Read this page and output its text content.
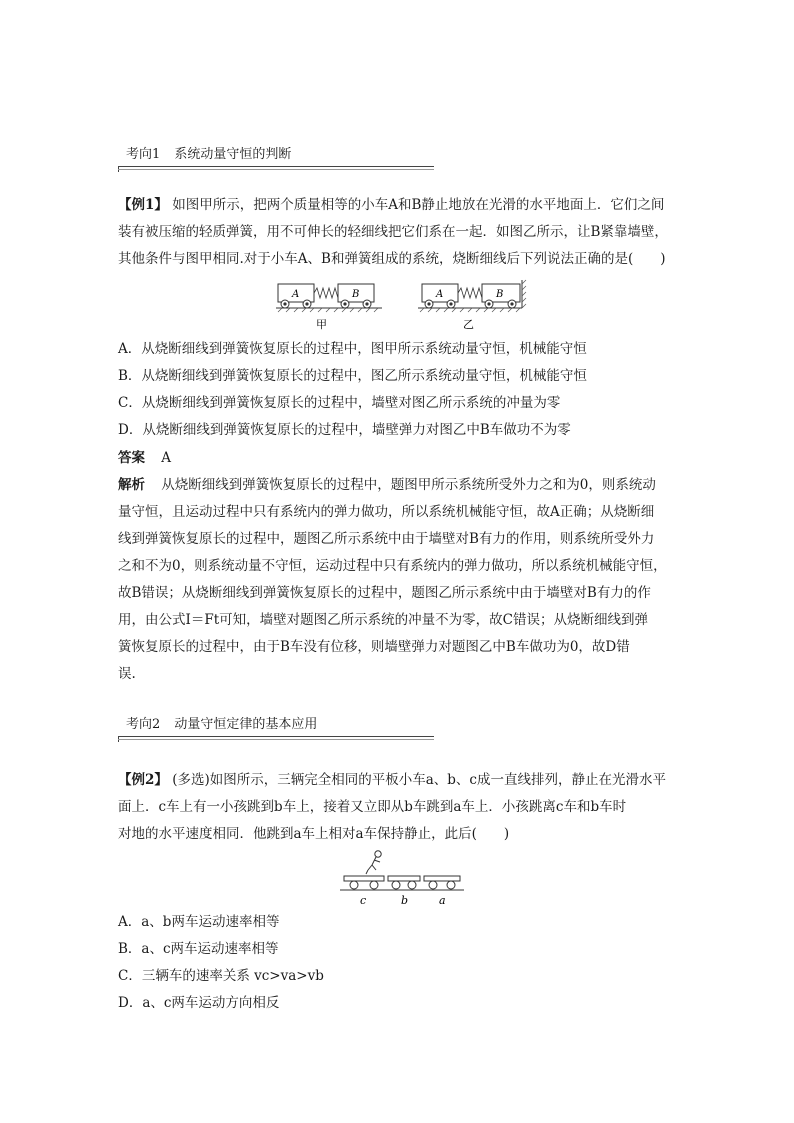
考向1 系统动量守恒的判断
【例1】 如图甲所示，把两个质量相等的小车A和B静止地放在光滑的水平地面上．它们之间
装有被压缩的轻质弹簧，用不可伸长的轻细线把它们系在一起．如图乙所示，让B紧靠墙壁，
其他条件与图甲相同.对于小车A、B和弹簧组成的系统，烧断细线后下列说法正确的是(　　)
A	B
甲
A	B
乙
A．从烧断细线到弹簧恢复原长的过程中，图甲所示系统动量守恒，机械能守恒
B．从烧断细线到弹簧恢复原长的过程中，图乙所示系统动量守恒，机械能守恒
C．从烧断细线到弹簧恢复原长的过程中，墙壁对图乙所示系统的冲量为零
D．从烧断细线到弹簧恢复原长的过程中，墙壁弹力对图乙中B车做功不为零
答案 A
解析 从烧断细线到弹簧恢复原长的过程中，题图甲所示系统所受外力之和为0，则系统动
量守恒，且运动过程中只有系统内的弹力做功，所以系统机械能守恒，故A正确；从烧断细
线到弹簧恢复原长的过程中，题图乙所示系统中由于墙壁对B有力的作用，则系统所受外力
之和不为0，则系统动量不守恒，运动过程中只有系统内的弹力做功，所以系统机械能守恒，
故B错误；从烧断细线到弹簧恢复原长的过程中，题图乙所示系统中由于墙壁对B有力的作
用，由公式I＝Ft可知，墙壁对题图乙所示系统的冲量不为零，故C错误；从烧断细线到弹
簧恢复原长的过程中，由于B车没有位移，则墙壁弹力对题图乙中B车做功为0，故D错
误.
考向2 动量守恒定律的基本应用
【例2】 (多选)如图所示，三辆完全相同的平板小车a、b、c成一直线排列，静止在光滑水平
面上．c车上有一小孩跳到b车上，接着又立即从b车跳到a车上．小孩跳离c车和b车时
对地的水平速度相同．他跳到a车上相对a车保持静止，此后(　　)
c	b	a
A．a、b两车运动速率相等
B．a、c两车运动速率相等
C．三辆车的速率关系 vc>va>vb
D．a、c两车运动方向相反
